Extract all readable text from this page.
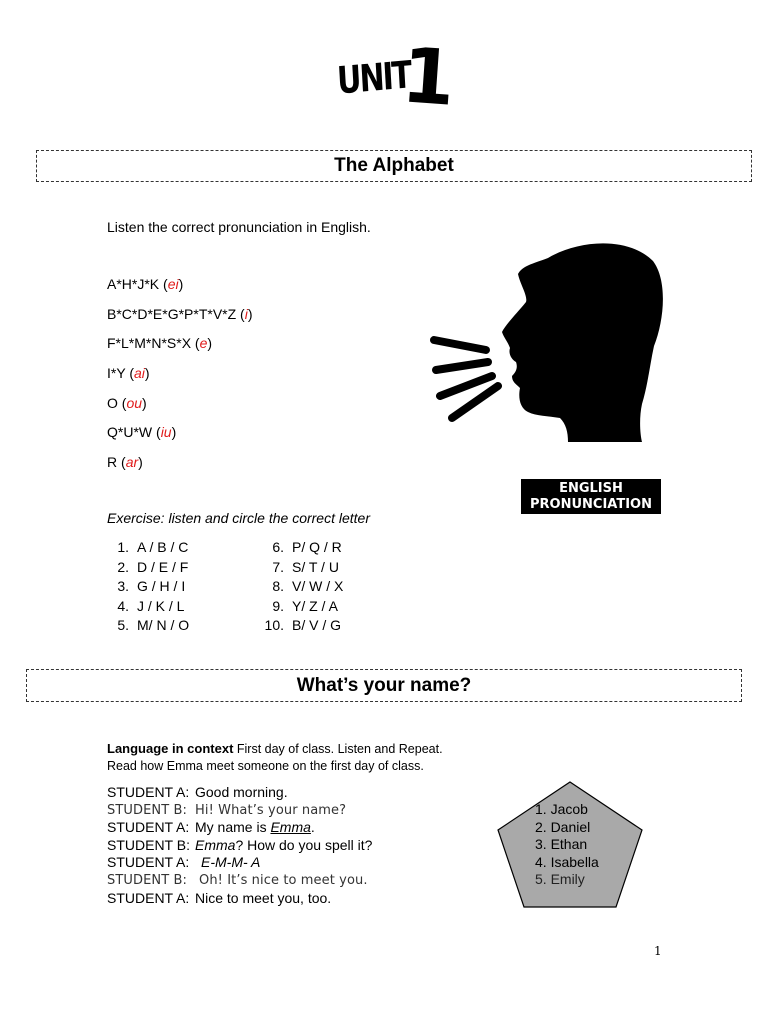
UNIT
1
The Alphabet
Listen the correct pronunciation in English.
A*H*J*K (ei)
B*C*D*E*G*P*T*V*Z (i)
F*L*M*N*S*X (e)
I*Y (ai)
O (ou)
Q*U*W (iu)
R (ar)
ENGLISH
PRONUNCIATION
Exercise: listen and circle the correct letter
1. A / B / C
2. D / E / F
3. G / H / I
4. J / K / L
5. M/ N / O
6. P/ Q / R
7. S/ T / U
8. V/ W / X
9. Y/ Z / A
10. B/ V / G
What’s your name?
Language in context First day of class. Listen and Repeat.
Read how Emma meet someone on the first day of class.
STUDENT A: Good morning.
STUDENT B: Hi! What’s your name?
STUDENT A: My name is Emma.
STUDENT B: Emma? How do you spell it?
STUDENT A: E-M-M- A
STUDENT B: Oh! It’s nice to meet you.
STUDENT A: Nice to meet you, too.
1. Jacob
2. Daniel
3. Ethan
4. Isabella
5. Emily
1
